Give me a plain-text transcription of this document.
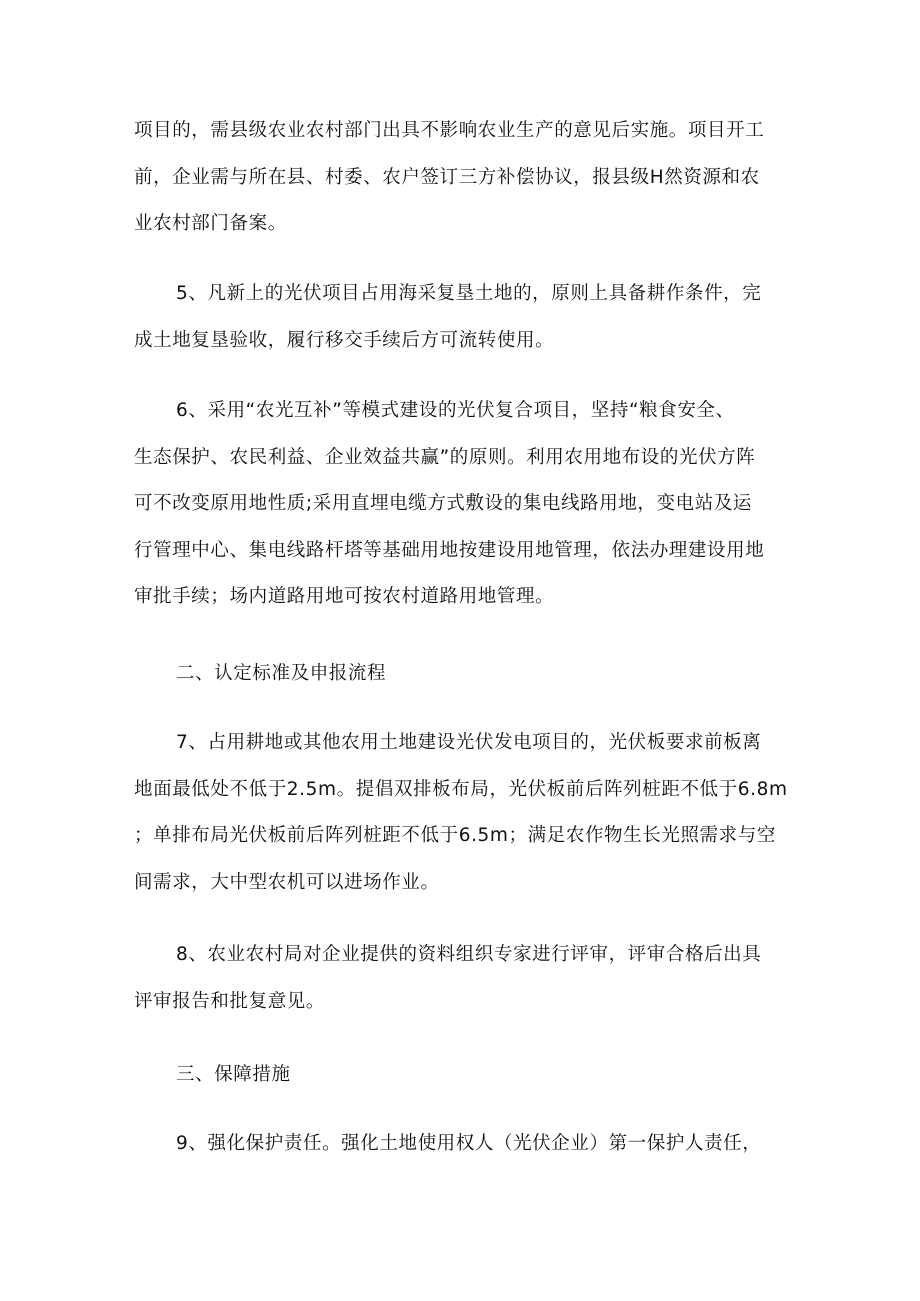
项目的，需县级农业农村部门出具不影响农业生产的意见后实施。项目开工
前，企业需与所在县、村委、农户签订三方补偿协议，报县级H然资源和农
业农村部门备案。

5、凡新上的光伏项目占用海采复垦土地的，原则上具备耕作条件，完
成土地复垦验收，履行移交手续后方可流转使用。

6、采用“农光互补”等模式建设的光伏复合项目，坚持“粮食安全、
生态保护、农民利益、企业效益共赢”的原则。利用农用地布设的光伏方阵
可不改变原用地性质;采用直埋电缆方式敷设的集电线路用地，变电站及运
行管理中心、集电线路杆塔等基础用地按建设用地管理，依法办理建设用地
审批手续；场内道路用地可按农村道路用地管理。

二、认定标准及申报流程

7、占用耕地或其他农用土地建设光伏发电项目的，光伏板要求前板离
地面最低处不低于2.5m。提倡双排板布局，光伏板前后阵列桩距不低于6.8m
；单排布局光伏板前后阵列桩距不低于6.5m；满足农作物生长光照需求与空
间需求，大中型农机可以进场作业。

8、农业农村局对企业提供的资料组织专家进行评审，评审合格后出具
评审报告和批复意见。

三、保障措施

9、强化保护责任。强化土地使用权人（光伏企业）第一保护人责任，
